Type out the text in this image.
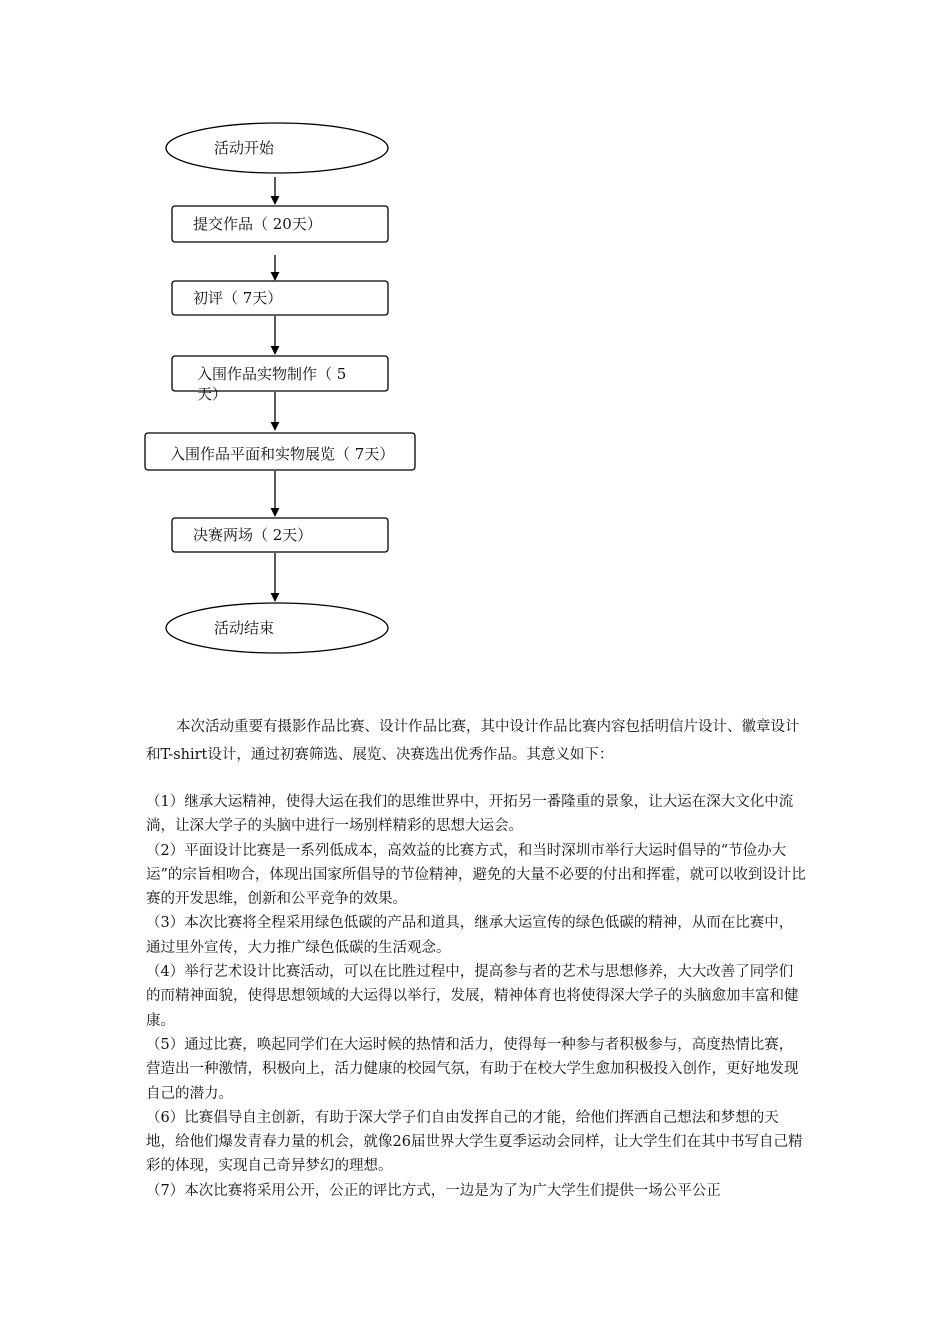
活动开始
提交作品（ 20天）
初评（ 7天）
入围作品实物制作（ 5天）
入围作品平面和实物展览（ 7天）
决赛两场（ 2天）
活动结束

本次活动重要有摄影作品比赛、设计作品比赛，其中设计作品比赛内容包括明信片设计、徽章设计和T-shirt设计，通过初赛筛选、展览、决赛选出优秀作品。其意义如下：

（1）继承大运精神，使得大运在我们的思维世界中，开拓另一番隆重的景象，让大运在深大文化中流淌，让深大学子的头脑中进行一场别样精彩的思想大运会。

（2）平面设计比赛是一系列低成本，高效益的比赛方式，和当时深圳市举行大运时倡导的“节俭办大运”的宗旨相吻合，体现出国家所倡导的节俭精神，避免的大量不必要的付出和挥霍，就可以收到设计比赛的开发思维，创新和公平竞争的效果。

（3）本次比赛将全程采用绿色低碳的产品和道具，继承大运宣传的绿色低碳的精神，从而在比赛中，通过里外宣传，大力推广绿色低碳的生活观念。

（4）举行艺术设计比赛活动，可以在比胜过程中，提高参与者的艺术与思想修养，大大改善了同学们的而精神面貌，使得思想领域的大运得以举行，发展，精神体育也将使得深大学子的头脑愈加丰富和健康。

（5）通过比赛，唤起同学们在大运时候的热情和活力，使得每一种参与者积极参与，高度热情比赛，营造出一种激情，积极向上，活力健康的校园气氛，有助于在校大学生愈加积极投入创作，更好地发现自己的潜力。

（6）比赛倡导自主创新，有助于深大学子们自由发挥自己的才能，给他们挥洒自己想法和梦想的天地，给他们爆发青春力量的机会，就像26届世界大学生夏季运动会同样，让大学生们在其中书写自己精彩的体现，实现自己奇异梦幻的理想。

（7）本次比赛将采用公开，公正的评比方式，一边是为了为广大学生们提供一场公平公正
